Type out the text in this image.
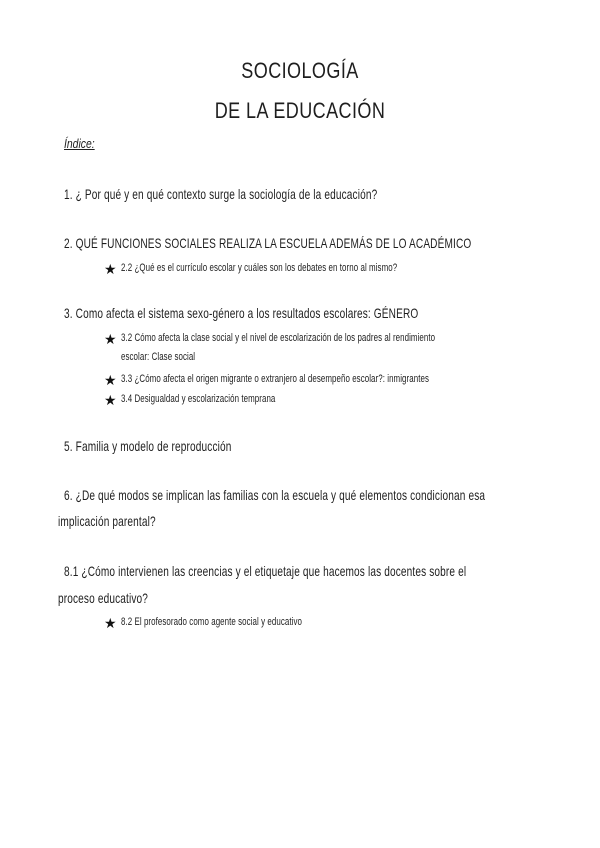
SOCIOLOGÍA
DE LA EDUCACIÓN
Índice:
1. ¿ Por qué y en qué contexto surge la sociología de la educación?
2. QUÉ FUNCIONES SOCIALES REALIZA LA ESCUELA ADEMÁS DE LO ACADÉMICO
★ 2.2 ¿Qué es el currículo escolar y cuáles son los debates en torno al mismo?
3. Como afecta el sistema sexo-género a los resultados escolares: GÉNERO
★ 3.2 Cómo afecta la clase social y el nivel de escolarización de los padres al rendimiento
escolar: Clase social
★ 3.3 ¿Cómo afecta el origen migrante o extranjero al desempeño escolar?: inmigrantes
★ 3.4 Desigualdad y escolarización temprana
5. Familia y modelo de reproducción
6. ¿De qué modos se implican las familias con la escuela y qué elementos condicionan esa
implicación parental?
8.1 ¿Cómo intervienen las creencias y el etiquetaje que hacemos las docentes sobre el
proceso educativo?
★ 8.2 El profesorado como agente social y educativo
